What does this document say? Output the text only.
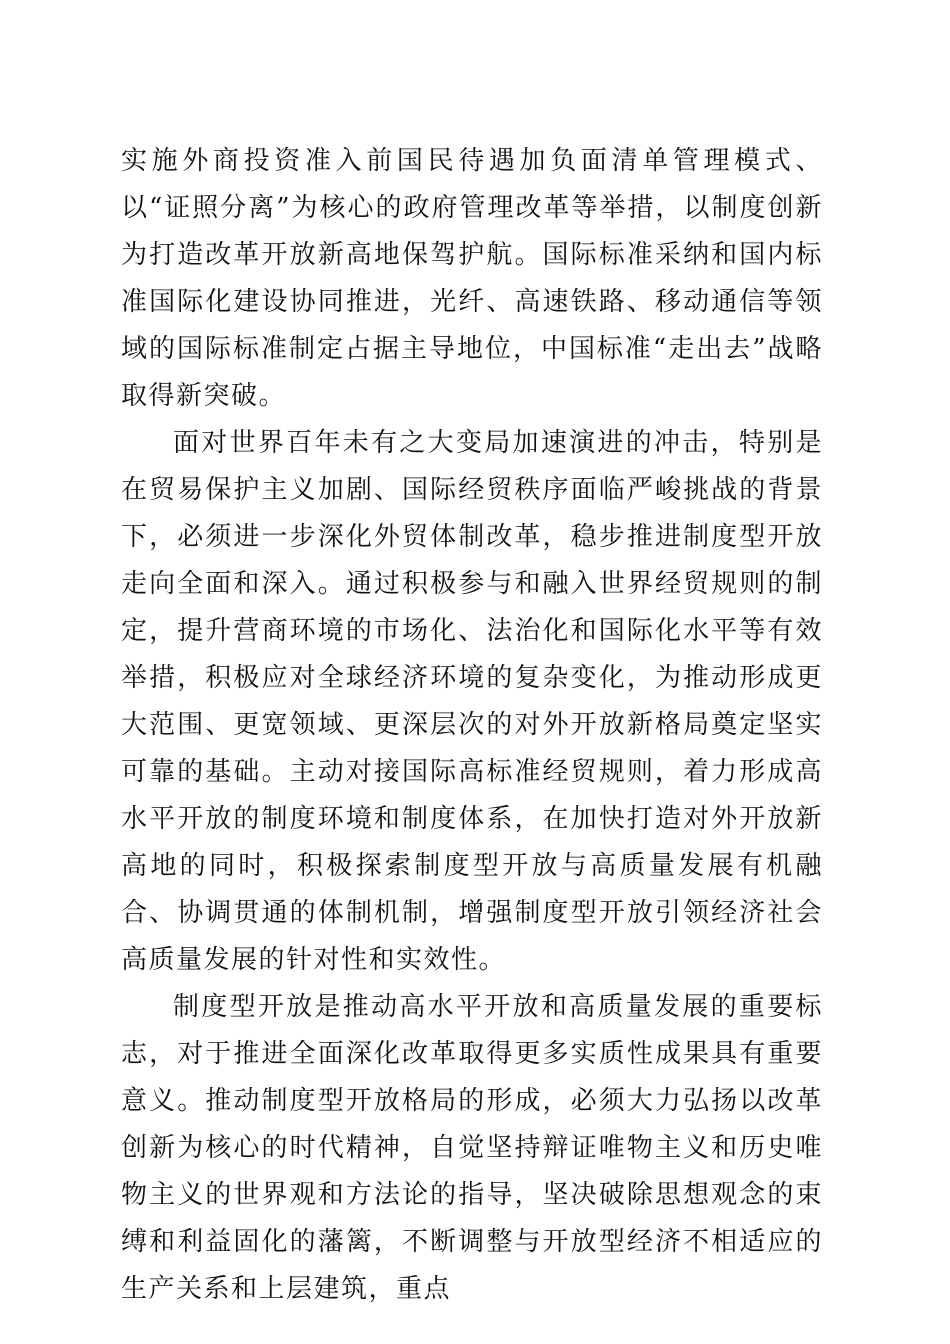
实施外商投资准入前国民待遇加负面清单管理模式、以“证照分离”为核心的政府管理改革等举措，以制度创新为打造改革开放新高地保驾护航。国际标准采纳和国内标准国际化建设协同推进，光纤、高速铁路、移动通信等领域的国际标准制定占据主导地位，中国标准“走出去”战略取得新突破。

面对世界百年未有之大变局加速演进的冲击，特别是在贸易保护主义加剧、国际经贸秩序面临严峻挑战的背景下，必须进一步深化外贸体制改革，稳步推进制度型开放走向全面和深入。通过积极参与和融入世界经贸规则的制定，提升营商环境的市场化、法治化和国际化水平等有效举措，积极应对全球经济环境的复杂变化，为推动形成更大范围、更宽领域、更深层次的对外开放新格局奠定坚实可靠的基础。主动对接国际高标准经贸规则，着力形成高水平开放的制度环境和制度体系，在加快打造对外开放新高地的同时，积极探索制度型开放与高质量发展有机融合、协调贯通的体制机制，增强制度型开放引领经济社会高质量发展的针对性和实效性。

制度型开放是推动高水平开放和高质量发展的重要标志，对于推进全面深化改革取得更多实质性成果具有重要意义。推动制度型开放格局的形成，必须大力弘扬以改革创新为核心的时代精神，自觉坚持辩证唯物主义和历史唯物主义的世界观和方法论的指导，坚决破除思想观念的束缚和利益固化的藩篱，不断调整与开放型经济不相适应的生产关系和上层建筑，重点
